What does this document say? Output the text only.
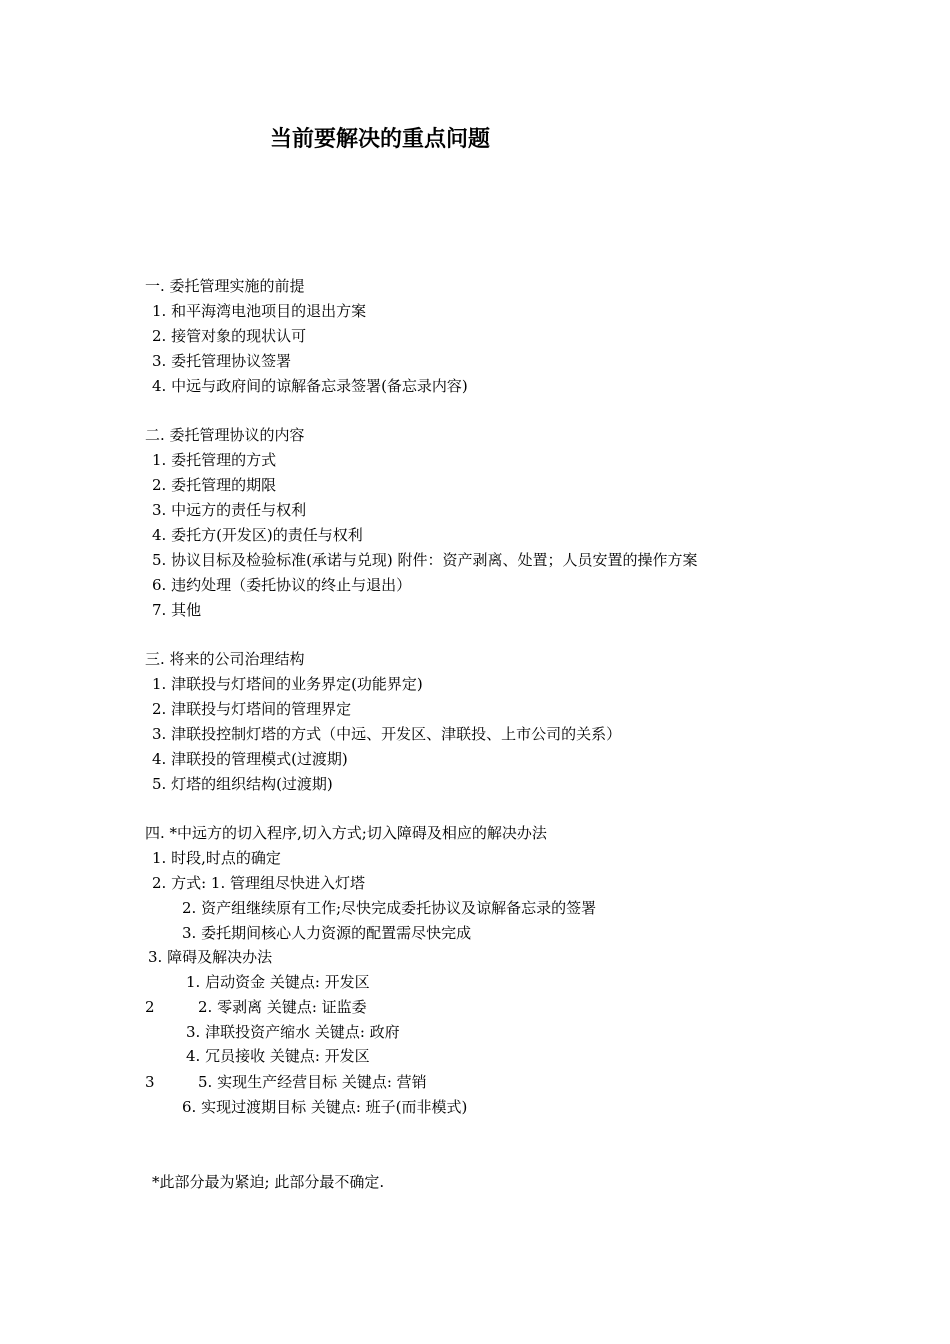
当前要解决的重点问题
一. 委托管理实施的前提
1. 和平海湾电池项目的退出方案
2. 接管对象的现状认可
3. 委托管理协议签署
4. 中远与政府间的谅解备忘录签署(备忘录内容)
二. 委托管理协议的内容
1. 委托管理的方式
2. 委托管理的期限
3. 中远方的责任与权利
4. 委托方(开发区)的责任与权利
5. 协议目标及检验标准(承诺与兑现) 附件：资产剥离、处置；人员安置的操作方案
6. 违约处理（委托协议的终止与退出）
7. 其他
三. 将来的公司治理结构
1. 津联投与灯塔间的业务界定(功能界定)
2. 津联投与灯塔间的管理界定
3. 津联投控制灯塔的方式（中远、开发区、津联投、上市公司的关系）
4. 津联投的管理模式(过渡期)
5. 灯塔的组织结构(过渡期)
四. *中远方的切入程序,切入方式;切入障碍及相应的解决办法
1. 时段,时点的确定
2. 方式: 1. 管理组尽快进入灯塔
2. 资产组继续原有工作;尽快完成委托协议及谅解备忘录的签署
3. 委托期间核心人力资源的配置需尽快完成
3. 障碍及解决办法
1. 启动资金 关键点: 开发区
2	2. 零剥离 关键点: 证监委
3. 津联投资产缩水 关键点: 政府
4. 冗员接收 关键点: 开发区
3	5. 实现生产经营目标 关键点: 营销
6. 实现过渡期目标 关键点: 班子(而非模式)
*此部分最为紧迫; 此部分最不确定.
